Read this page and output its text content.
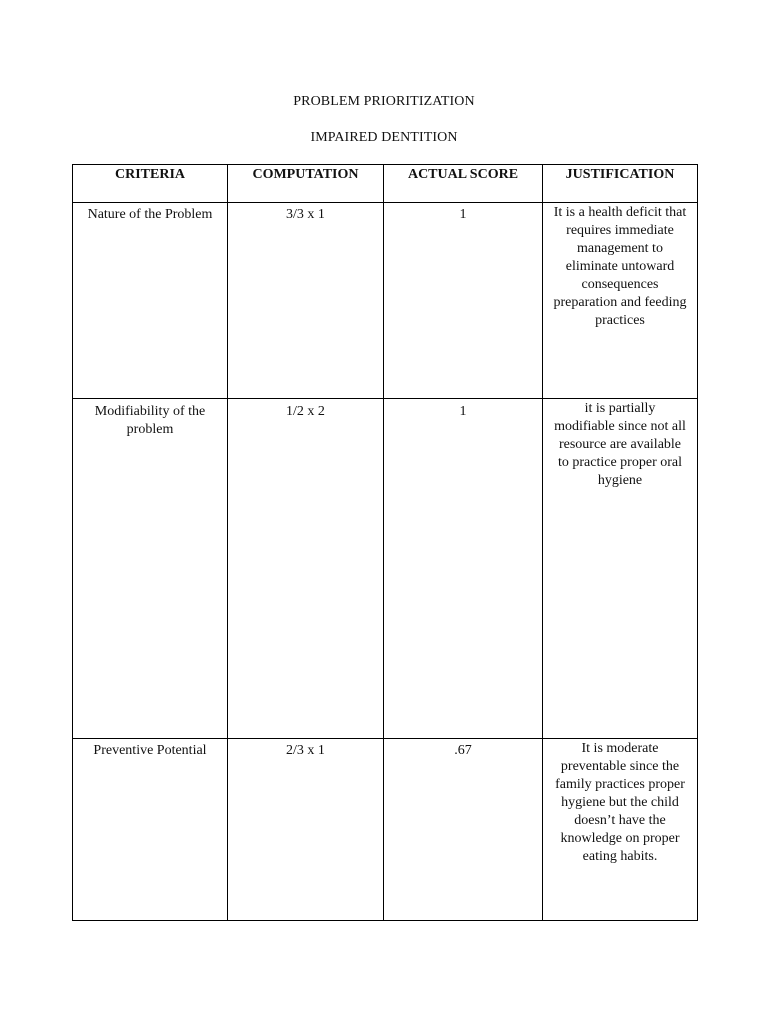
PROBLEM PRIORITIZATION
IMPAIRED DENTITION
CRITERIA	COMPUTATION	ACTUAL SCORE	JUSTIFICATION

Nature of the Problem	3/3 x 1	1	It is a health deficit that requires immediate management to eliminate untoward consequences preparation and feeding practices

Modifiability of the problem	1/2 x 2	1	it is partially modifiable since not all resource are available to practice proper oral hygiene

Preventive Potential	2/3 x 1	.67	It is moderate preventable since the family practices proper hygiene but the child doesn’t have the knowledge on proper eating habits.
